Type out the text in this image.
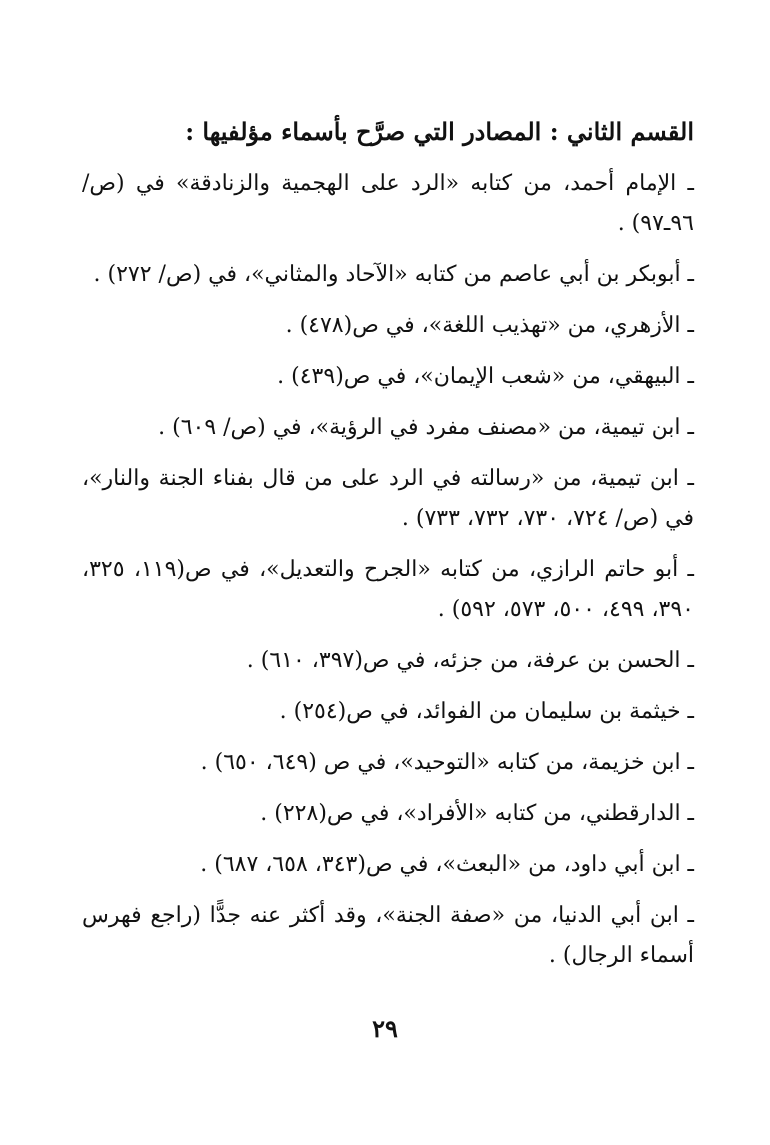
القسم الثاني : المصادر التي صرَّح بأسماء مؤلفيها :

ـ الإمام أحمد، من كتابه «الرد على الهجمية والزنادقة» في (ص/ ٩٦ـ٩٧) .

ـ أبوبكر بن أبي عاصم من كتابه «الآحاد والمثاني»، في (ص/ ٢٧٢) .

ـ الأزهري، من «تهذيب اللغة»، في ص(٤٧٨) .

ـ البيهقي، من «شعب الإيمان»، في ص(٤٣٩) .

ـ ابن تيمية، من «مصنف مفرد في الرؤية»، في (ص/ ٦٠٩) .

ـ ابن تيمية، من «رسالته في الرد على من قال بفناء الجنة والنار»، في (ص/ ٧٢٤، ٧٣٠، ٧٣٢، ٧٣٣) .

ـ أبو حاتم الرازي، من كتابه «الجرح والتعديل»، في ص(١١٩، ٣٢٥، ٣٩٠، ٤٩٩، ٥٠٠، ٥٧٣، ٥٩٢) .

ـ الحسن بن عرفة، من جزئه، في ص(٣٩٧، ٦١٠) .

ـ خيثمة بن سليمان من الفوائد، في ص(٢٥٤) .

ـ ابن خزيمة، من كتابه «التوحيد»، في ص (٦٤٩، ٦٥٠) .

ـ الدارقطني، من كتابه «الأفراد»، في ص(٢٢٨) .

ـ ابن أبي داود، من «البعث»، في ص(٣٤٣، ٦٥٨، ٦٨٧) .

ـ ابن أبي الدنيا، من «صفة الجنة»، وقد أكثر عنه جدًّا (راجع فهرس أسماء الرجال) .

٢٩
